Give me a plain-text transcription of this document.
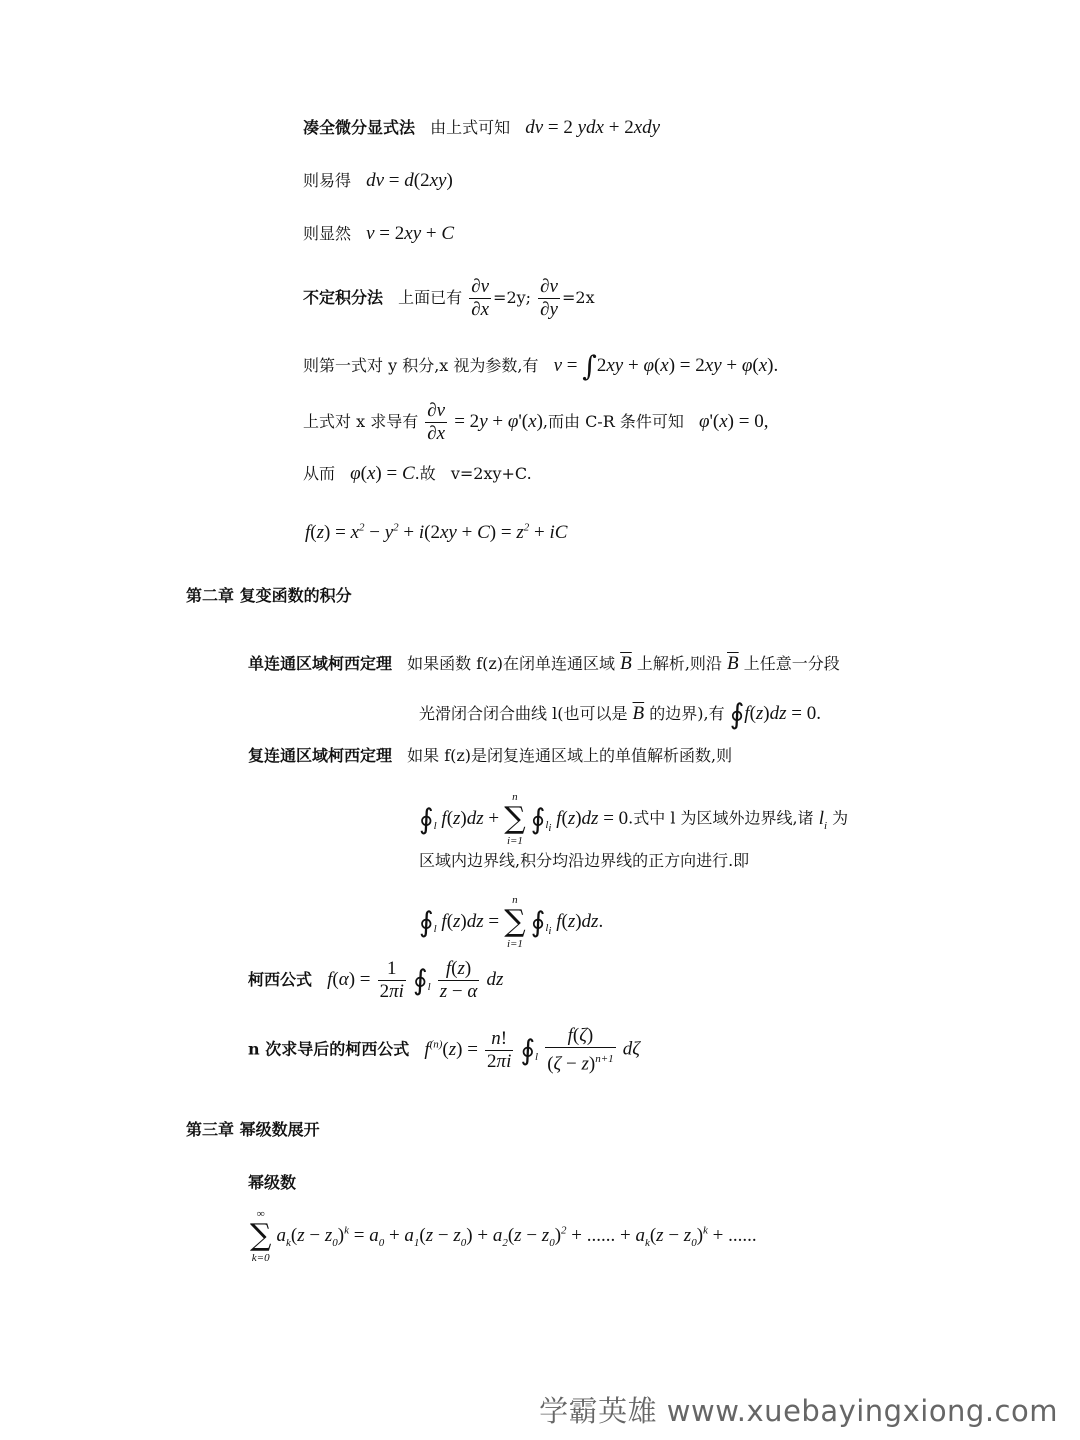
凑全微分显式法 由上式可知 dv = 2 ydx + 2xdy
则易得 dv = d(2xy)
则显然 v = 2xy + C
不定积分法 上面已有 $\frac{\partial v}{\partial x} =2y$; $\frac{\partial v}{\partial y} =2x$
则第一式对 y 积分,x 视为参数,有 v = ∫2xy + φ(x) = 2xy + φ(x).
上式对 x 求导有 $\frac{\partial v}{\partial x} = 2y + \varphi'(x)$,而由 C-R 条件可知 φ'(x) = 0,
从而 φ(x) = C.故 v=2xy+C.
$f(z) = x^2 - y^2 + i(2xy + C) = z^2$ + iC
第二章 复变函数的积分
单连通区域柯西定理 如果函数 f(z)在闭单连通区域 $\overline{B}$ 上解析,则沿 $\overline{B}$ 上任意一分段
光滑闭合闭合曲线 l(也可以是 $\overline{B}$ 的边界),有 ∮f(z)dz = 0.
复连通区域柯西定理 如果 f(z)是闭复连通区域上的单值解析函数,则
$∮_l$ f(z)dz +
n
∑
i=1
$∮_{l_i}$ f(z)dz = 0.式中 l 为区域外边界线,诸 $l_i$ 为
区域内边界线,积分均沿边界线的正方向进行.即
$∮_l$ f(z)dz =
n
∑
i=1
$∮_{l_i}$ f(z)dz.
柯西公式 $f(\alpha) = \frac{1}{2\pi i}$ $∮_l \frac{f(z)}{z - \alpha}$ dz
n 次求导后的柯西公式 $f^{(n)}(z) = \frac{n!}{2\pi i}$ $∮_l \frac{f(\zeta)}{(\zeta - z)^{n+1}}$ dζ
第三章 幂级数展开
幂级数
∞
∑
k=0
$a_k(z - z_0)^k = a_0 + a_1(z - z_0) + a_2(z - z_0)^2$ + ...... + $a_k(z - z_0)^k$ + ......
学霸英雄 www.xuebayingxiong.com
